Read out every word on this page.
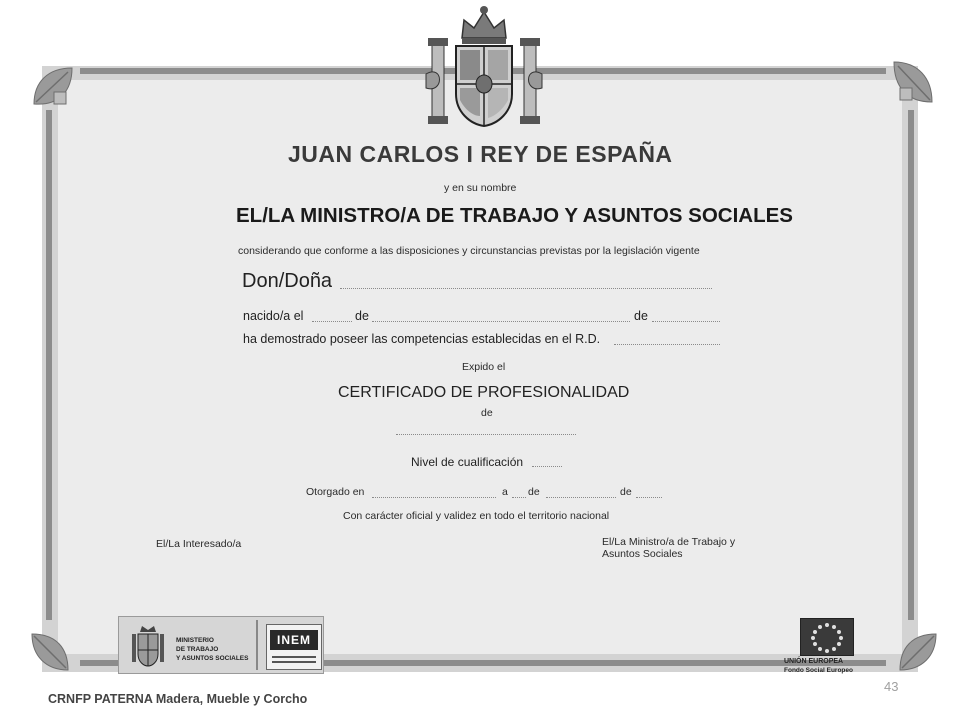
JUAN CARLOS I REY DE ESPAÑA
y en su nombre
EL/LA MINISTRO/A DE TRABAJO Y ASUNTOS SOCIALES
considerando que conforme a las disposiciones y circunstancias previstas por la legislación vigente
Don/Doña
nacido/a el	de	de
ha demostrado poseer las competencias establecidas en el R.D.
Expido el
CERTIFICADO DE PROFESIONALIDAD
de
Nivel de cualificación
Otorgado en	a de	de
Con carácter oficial y validez en todo el territorio nacional
El/La Interesado/a	El/La Ministro/a de Trabajo y
Asuntos Sociales
MINISTERIO
DE TRABAJO
Y ASUNTOS SOCIALES
INEM
UNIÓN EUROPEA
Fondo Social Europeo
CRNFP PATERNA Madera, Mueble y Corcho
43
